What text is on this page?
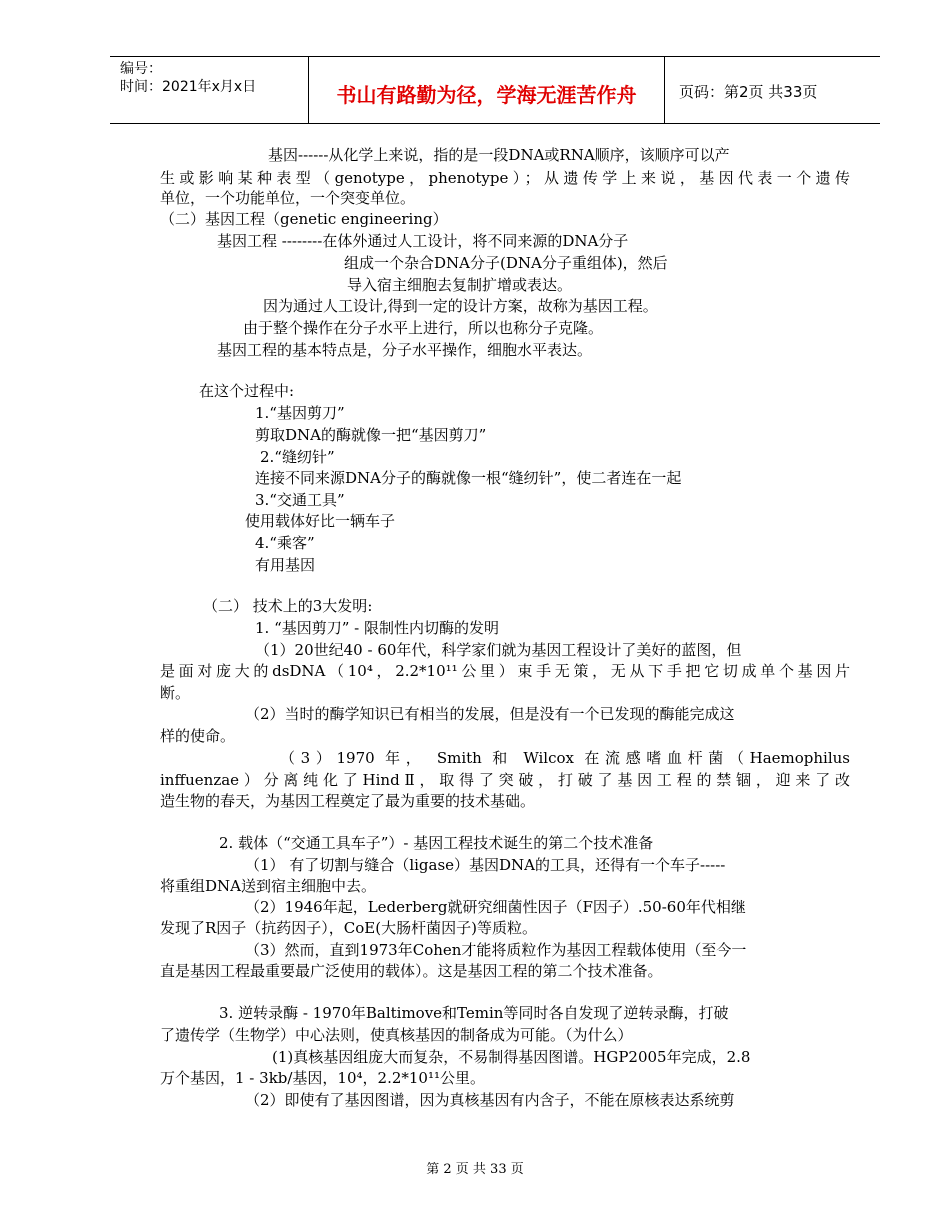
编号：
时间：2021年x月x日	书山有路勤为径，学海无涯苦作舟	页码：第2页 共33页
基因------从化学上来说，指的是一段DNA或RNA顺序，该顺序可以产
生或影响某种表型（genotype，phenotype）；从遗传学上来说，基因代表一个遗传
单位，一个功能单位，一个突变单位。
（二）基因工程（genetic engineering）
基因工程 --------在体外通过人工设计，将不同来源的DNA分子
组成一个杂合DNA分子(DNA分子重组体)，然后
导入宿主细胞去复制扩增或表达。
因为通过人工设计,得到一定的设计方案，故称为基因工程。
由于整个操作在分子水平上进行，所以也称分子克隆。
基因工程的基本特点是，分子水平操作，细胞水平表达。
在这个过程中:
1.“基因剪刀”
剪取DNA的酶就像一把“基因剪刀”
2.“缝纫针”
连接不同来源DNA分子的酶就像一根“缝纫针”，使二者连在一起
3.“交通工具”
使用载体好比一辆车子
4.“乘客”
有用基因
（二） 技术上的3大发明:
1. “基因剪刀” - 限制性内切酶的发明
（1）20世纪40 - 60年代，科学家们就为基因工程设计了美好的蓝图，但
是面对庞大的dsDNA（10⁴，2.2*10¹¹公里）束手无策，无从下手把它切成单个基因片
断。
（2）当时的酶学知识已有相当的发展，但是没有一个已发现的酶能完成这
样的使命。
（3）1970 年， Smith 和 Wilcox 在流感嗜血杆菌（Haemophilus
inffuenzae）分离纯化了HindⅡ，取得了突破，打破了基因工程的禁锢，迎来了改
造生物的春天，为基因工程奠定了最为重要的技术基础。
2. 载体（“交通工具车子”）- 基因工程技术诞生的第二个技术准备
（1） 有了切割与缝合（ligase）基因DNA的工具，还得有一个车子-----
将重组DNA送到宿主细胞中去。
（2）1946年起，Lederberg就研究细菌性因子（F因子）.50-60年代相继
发现了R因子（抗药因子），CoE(大肠杆菌因子)等质粒。
（3）然而，直到1973年Cohen才能将质粒作为基因工程载体使用（至今一
直是基因工程最重要最广泛使用的载体）。这是基因工程的第二个技术准备。
3. 逆转录酶 - 1970年Baltimove和Temin等同时各自发现了逆转录酶，打破
了遗传学（生物学）中心法则，使真核基因的制备成为可能。（为什么）
(1)真核基因组庞大而复杂，不易制得基因图谱。HGP2005年完成，2.8
万个基因，1 - 3kb/基因，10⁴，2.2*10¹¹公里。
（2）即使有了基因图谱，因为真核基因有内含子，不能在原核表达系统剪
第 2 页 共 33 页
